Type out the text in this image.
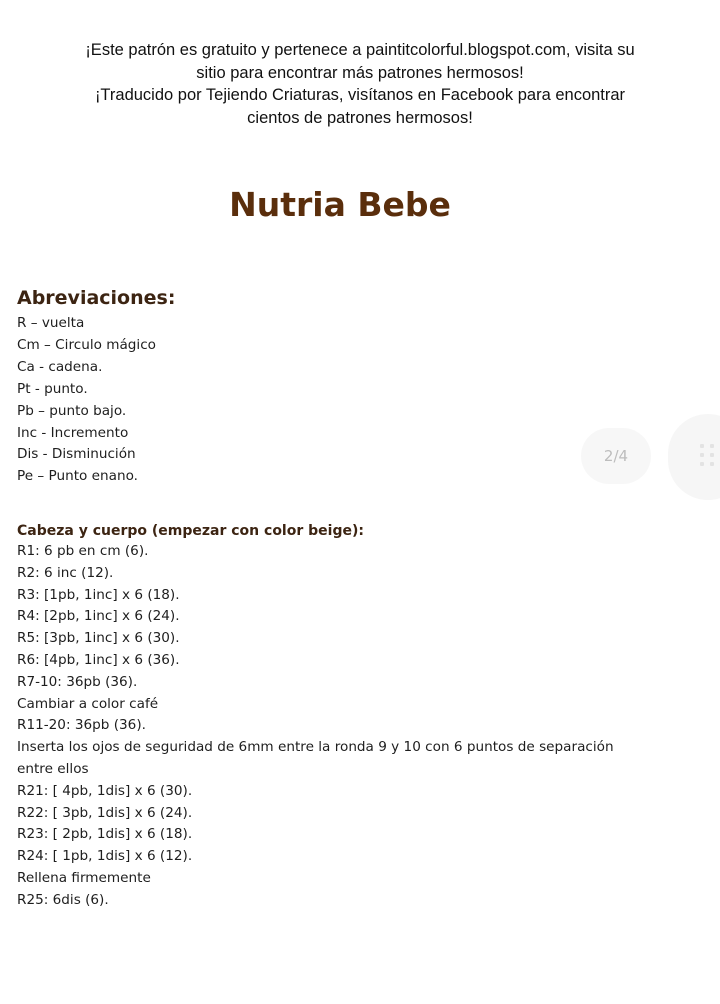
¡Este patrón es gratuito y pertenece a paintitcolorful.blogspot.com, visita su

sitio para encontrar más patrones hermosos!

¡Traducido por Tejiendo Criaturas, visítanos en Facebook para encontrar

cientos de patrones hermosos!

Nutria Bebe
Abreviaciones:
R – vuelta
Cm – Circulo mágico
Ca - cadena.
Pt - punto.
Pb – punto bajo.
Inc - Incremento
Dis - Disminución
Pe – Punto enano.
Cabeza y cuerpo (empezar con color beige):
R1: 6 pb en cm (6).
R2: 6 inc (12).
R3: [1pb, 1inc] x 6 (18).
R4: [2pb, 1inc] x 6 (24).
R5: [3pb, 1inc] x 6 (30).
R6: [4pb, 1inc] x 6 (36).
R7-10: 36pb (36).
Cambiar a color café
R11-20: 36pb (36).
Inserta los ojos de seguridad de 6mm entre la ronda 9 y 10 con 6 puntos de separación
entre ellos
R21: [ 4pb, 1dis] x 6 (30).
R22: [ 3pb, 1dis] x 6 (24).
R23: [ 2pb, 1dis] x 6 (18).
R24: [ 1pb, 1dis] x 6 (12).
Rellena firmemente
R25: 6dis (6).
2/4
